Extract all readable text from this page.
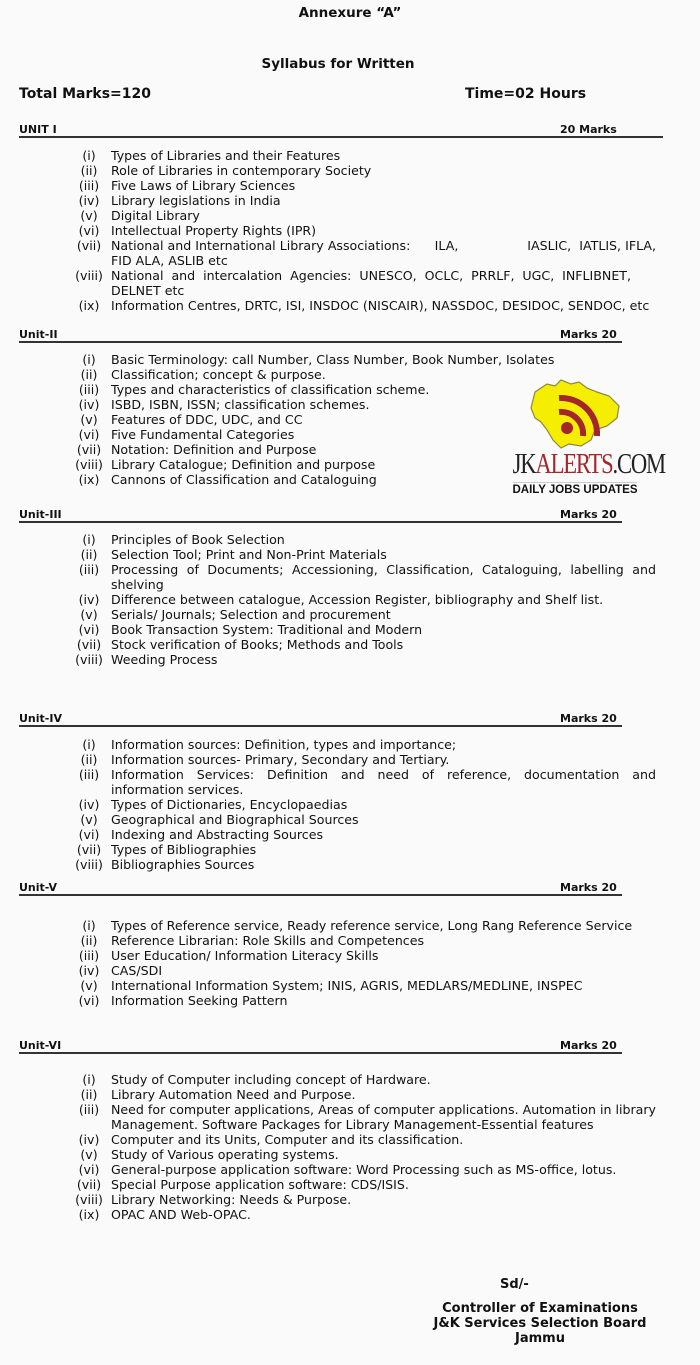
Annexure “A”
Syllabus for Written
Total Marks=120	Time=02 Hours
UNIT I	20 Marks
(i)	Types of Libraries and their Features
(ii)	Role of Libraries in contemporary Society
(iii) Five Laws of Library Sciences
(iv) Library legislations in India
(v)	Digital Library
(vi) Intellectual Property Rights (IPR)
(vii) National and International Library Associations:      ILA,                 IASLIC,  IATLIS, IFLA, FID ALA, ASLIB etc
(viii) National and intercalation Agencies: UNESCO, OCLC, PRRLF, UGC, INFLIBNET, DELNET etc
(ix) Information Centres, DRTC, ISI, INSDOC (NISCAIR), NASSDOC, DESIDOC, SENDOC, etc
Unit-II	Marks 20
(i)	Basic Terminology: call Number, Class Number, Book Number, Isolates
(ii)	Classification; concept & purpose.
(iii) Types and characteristics of classification scheme.
(iv) ISBD, ISBN, ISSN; classification schemes.
(v)	Features of DDC, UDC, and CC
(vi) Five Fundamental Categories
(vii) Notation: Definition and Purpose
(viii) Library Catalogue; Definition and purpose
(ix) Cannons of Classification and Cataloguing	JKALERTS.COM
DAILY JOBS UPDATES
Unit-III	Marks 20
(i)	Principles of Book Selection
(ii)	Selection Tool; Print and Non-Print Materials
(iii) Processing of Documents; Accessioning, Classification, Cataloguing, labelling and shelving
(iv) Difference between catalogue, Accession Register, bibliography and Shelf list.
(v)	Serials/ Journals; Selection and procurement
(vi) Book Transaction System: Traditional and Modern
(vii) Stock verification of Books; Methods and Tools
(viii) Weeding Process
Unit-IV	Marks 20
(i)	Information sources: Definition, types and importance;
(ii)	Information sources- Primary, Secondary and Tertiary.
(iii) Information Services: Definition and need of reference, documentation and information services.
(iv) Types of Dictionaries, Encyclopaedias
(v)	Geographical and Biographical Sources
(vi) Indexing and Abstracting Sources
(vii) Types of Bibliographies
(viii) Bibliographies Sources
Unit-V	Marks 20
(i)	Types of Reference service, Ready reference service, Long Rang Reference Service
(ii)	Reference Librarian: Role Skills and Competences
(iii) User Education/ Information Literacy Skills
(iv) CAS/SDI
(v)	International Information System; INIS, AGRIS, MEDLARS/MEDLINE, INSPEC
(vi) Information Seeking Pattern
Unit-VI	Marks 20
(i)	Study of Computer including concept of Hardware.
(ii)	Library Automation Need and Purpose.
(iii) Need for computer applications, Areas of computer applications. Automation in library Management. Software Packages for Library Management-Essential features
(iv) Computer and its Units, Computer and its classification.
(v)	Study of Various operating systems.
(vi) General-purpose application software: Word Processing such as MS-office, lotus.
(vii) Special Purpose application software: CDS/ISIS.
(viii) Library Networking: Needs & Purpose.
(ix) OPAC AND Web-OPAC.
Sd/-
Controller of Examinations
J&K Services Selection Board
Jammu
